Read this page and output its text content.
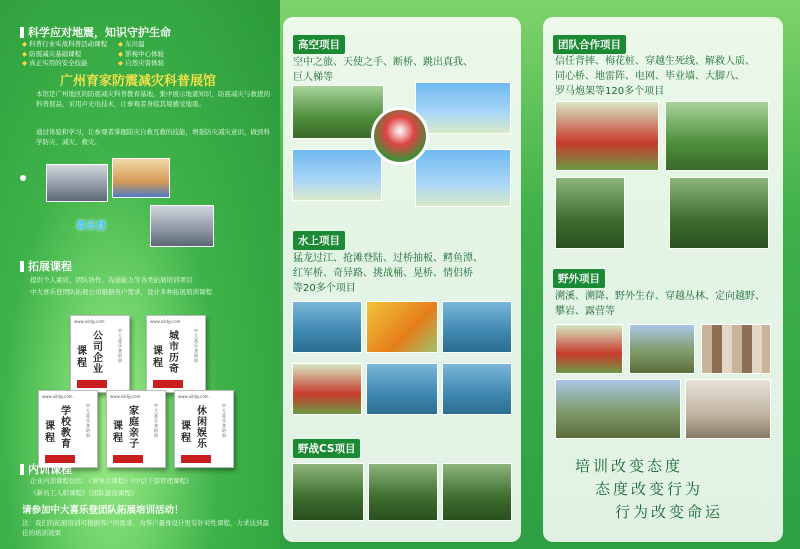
科学应对地震，知识守护生命
◆ 科普行业实战科普活动课程
◆ 防震减灾基础课程
◆ 真正实用的安全技能
◆ 东川温
◆ 影视中心体验
◆ 自然灾害体验
广州育家防震减灾科普展馆
本馆是广州地区的防震减灾科普教育基地，集中展示地震知识，防震减灾与救援的科普展品，采用声光电技术，让参观者身临其境感受地震。
通过体验和学习，让参观者掌握防灾自救互救的技能，增强防灾减灾意识，做到科学防灾、减灾、救灾。
喜乐登
拓展课程
提供个人素质、团队协作、沟通能力等各类拓展培训项目
中大喜乐登团队拓展公司根据客户需求，设计多种拓展培训课程
www.xildjy.com
公司企业
课程
中大喜乐登培训
www.xildjy.com
城市历奇
课程
中大喜乐登培训
www.xildjy.com
学校教育
课程
中大喜乐登培训
www.xildjy.com
家庭亲子
课程
中大喜乐登培训
www.xildjy.com
休闲娱乐
课程
中大喜乐登培训
内训课程
企业内训课程包括：《领导力课程》《中层干部管理课程》
《新员工入职课程》《团队建设课程》
请参加中大喜乐登团队拓展培训活动！
注：我们的拓展培训可根据客户的需求，为客户量身设计更有针对性课程，力求达到最佳的培训效果
高空项目
空中之旅、天使之手、断桥、跳出真我、
巨人梯等
水上项目
猛龙过江、抢滩登陆、过桥抽板、鳄鱼潭、
红军桥、奇异路、挑战桶、晃桥、情侣桥
等20多个项目
野战CS项目
团队合作项目
信任背摔、梅花桩、穿越生死线、解救人质、
同心桥、地雷阵、电网、毕业墙、大脚八、
罗马炮架等120多个项目
野外项目
溯溪、溯降、野外生存、穿越丛林、定向越野、
攀岩、露营等
培训改变态度
态度改变行为
行为改变命运
